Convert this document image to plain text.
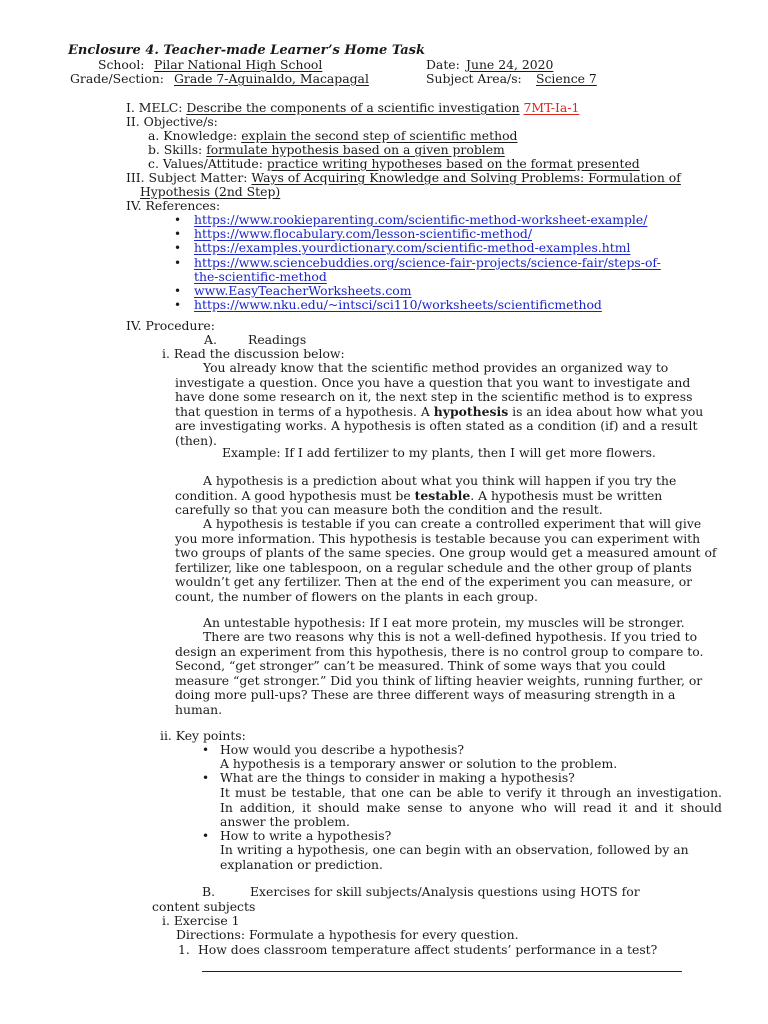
Enclosure 4. Teacher-made Learner’s Home Task
School: Pilar National High School	Date: June 24, 2020
Grade/Section: Grade 7-Aguinaldo, Macapagal	Subject Area/s: Science 7
I. MELC: Describe the components of a scientific investigation 7MT-Ia-1
II. Objective/s:
a. Knowledge: explain the second step of scientific method
b. Skills: formulate hypothesis based on a given problem
c. Values/Attitude: practice writing hypotheses based on the format presented
III. Subject Matter: Ways of Acquiring Knowledge and Solving Problems: Formulation of
Hypothesis (2nd Step)
IV. References:
• https://www.rookieparenting.com/scientific-method-worksheet-example/
• https://www.flocabulary.com/lesson-scientific-method/
• https://examples.yourdictionary.com/scientific-method-examples.html
• https://www.sciencebuddies.org/science-fair-projects/science-fair/steps-of-
the-scientific-method
• www.EasyTeacherWorksheets.com
• https://www.nku.edu/~intsci/sci110/worksheets/scientificmethod
IV. Procedure:
A.	Readings
i. Read the discussion below:

You already know that the scientific method provides an organized way to investigate a question. Once you have a question that you want to investigate and have done some research on it, the next step in the scientific method is to express that question in terms of a hypothesis. A hypothesis is an idea about how what you are investigating works. A hypothesis is often stated as a condition (if) and a result (then).

Example: If I add fertilizer to my plants, then I will get more flowers.

A hypothesis is a prediction about what you think will happen if you try the condition. A good hypothesis must be testable. A hypothesis must be written carefully so that you can measure both the condition and the result.

A hypothesis is testable if you can create a controlled experiment that will give you more information. This hypothesis is testable because you can experiment with two groups of plants of the same species. One group would get a measured amount of fertilizer, like one tablespoon, on a regular schedule and the other group of plants wouldn’t get any fertilizer. Then at the end of the experiment you can measure, or count, the number of flowers on the plants in each group.

An untestable hypothesis: If I eat more protein, my muscles will be stronger.

There are two reasons why this is not a well-defined hypothesis. If you tried to design an experiment from this hypothesis, there is no control group to compare to. Second, “get stronger” can’t be measured. Think of some ways that you could measure “get stronger.” Did you think of lifting heavier weights, running further, or doing more pull-ups? These are three different ways of measuring strength in a human.

ii. Key points:
• How would you describe a hypothesis?
A hypothesis is a temporary answer or solution to the problem.
• What are the things to consider in making a hypothesis?
It must be testable, that one can be able to verify it through an investigation. In addition, it should make sense to anyone who will read it and it should answer the problem.
• How to write a hypothesis?
In writing a hypothesis, one can begin with an observation, followed by an explanation or prediction.
B.	Exercises for skill subjects/Analysis questions using HOTS for
content subjects
i. Exercise 1
Directions: Formulate a hypothesis for every question.
1. How does classroom temperature affect students’ performance in a test?
